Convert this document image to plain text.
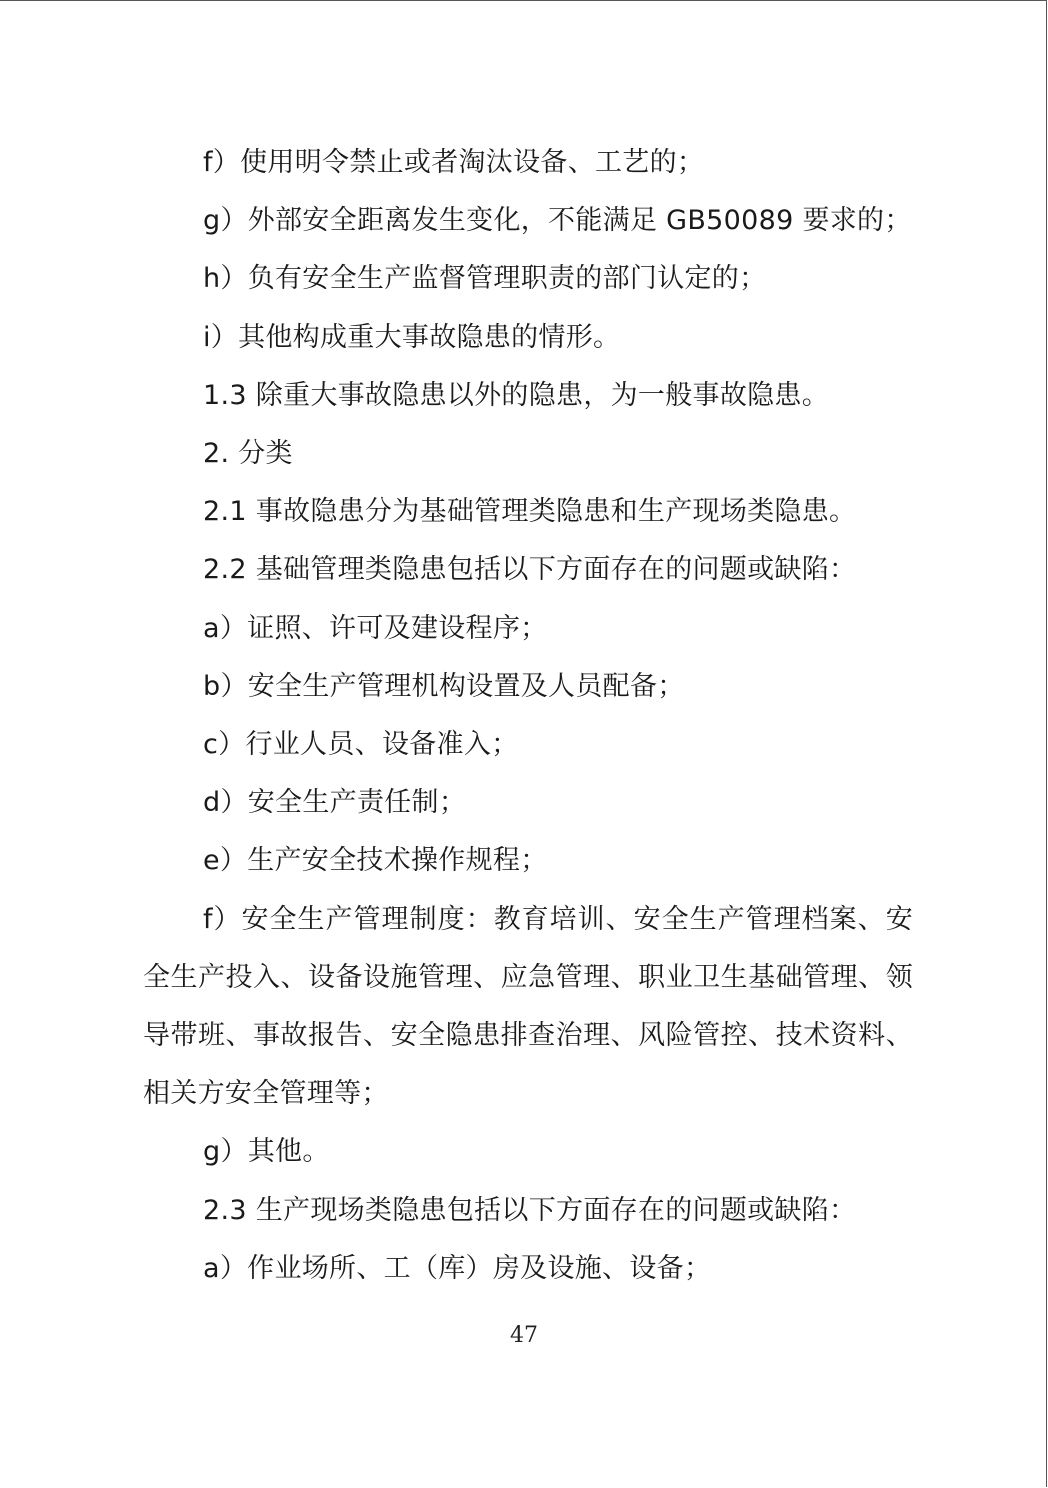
f）使用明令禁止或者淘汰设备、工艺的；

g）外部安全距离发生变化，不能满足 GB50089 要求的；

h）负有安全生产监督管理职责的部门认定的；

i）其他构成重大事故隐患的情形。

1.3 除重大事故隐患以外的隐患，为一般事故隐患。

2. 分类

2.1 事故隐患分为基础管理类隐患和生产现场类隐患。

2.2 基础管理类隐患包括以下方面存在的问题或缺陷：

a）证照、许可及建设程序；

b）安全生产管理机构设置及人员配备；

c）行业人员、设备准入；

d）安全生产责任制；

e）生产安全技术操作规程；

f）安全生产管理制度：教育培训、安全生产管理档案、安全生产投入、设备设施管理、应急管理、职业卫生基础管理、领导带班、事故报告、安全隐患排查治理、风险管控、技术资料、相关方安全管理等；

g）其他。

2.3 生产现场类隐患包括以下方面存在的问题或缺陷：

a）作业场所、工（库）房及设施、设备；

47
